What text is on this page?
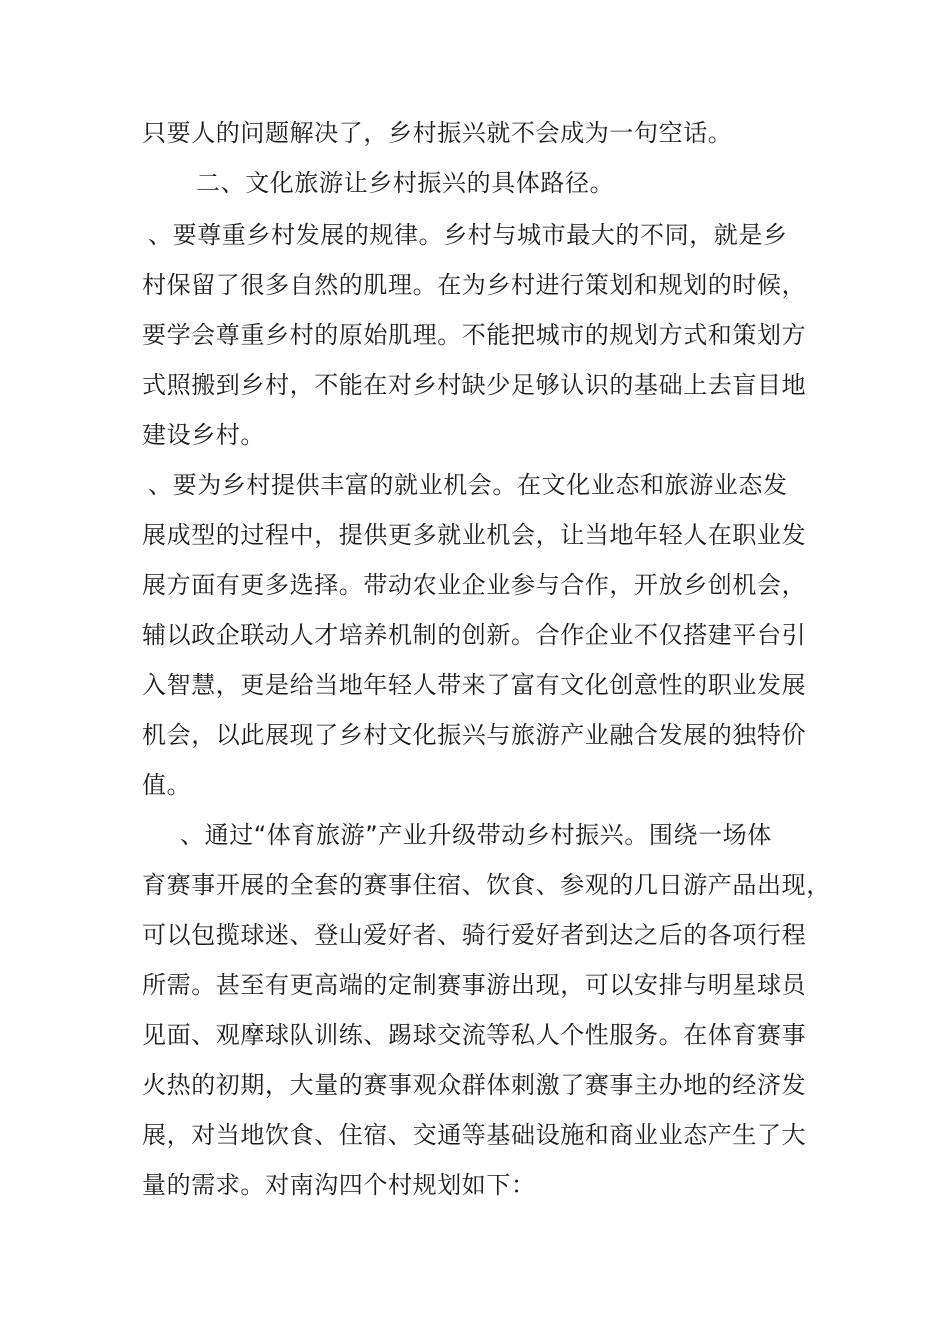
只要人的问题解决了，乡村振兴就不会成为一句空话。
二、文化旅游让乡村振兴的具体路径。
、要尊重乡村发展的规律。乡村与城市最大的不同，就是乡
村保留了很多自然的肌理。在为乡村进行策划和规划的时候，
要学会尊重乡村的原始肌理。不能把城市的规划方式和策划方
式照搬到乡村，不能在对乡村缺少足够认识的基础上去盲目地
建设乡村。
、要为乡村提供丰富的就业机会。在文化业态和旅游业态发
展成型的过程中，提供更多就业机会，让当地年轻人在职业发
展方面有更多选择。带动农业企业参与合作，开放乡创机会，
辅以政企联动人才培养机制的创新。合作企业不仅搭建平台引
入智慧，更是给当地年轻人带来了富有文化创意性的职业发展
机会，以此展现了乡村文化振兴与旅游产业融合发展的独特价
值。
、通过“体育旅游”产业升级带动乡村振兴。围绕一场体
育赛事开展的全套的赛事住宿、饮食、参观的几日游产品出现，
可以包揽球迷、登山爱好者、骑行爱好者到达之后的各项行程
所需。甚至有更高端的定制赛事游出现，可以安排与明星球员
见面、观摩球队训练、踢球交流等私人个性服务。在体育赛事
火热的初期，大量的赛事观众群体刺激了赛事主办地的经济发
展，对当地饮食、住宿、交通等基础设施和商业业态产生了大
量的需求。对南沟四个村规划如下：
